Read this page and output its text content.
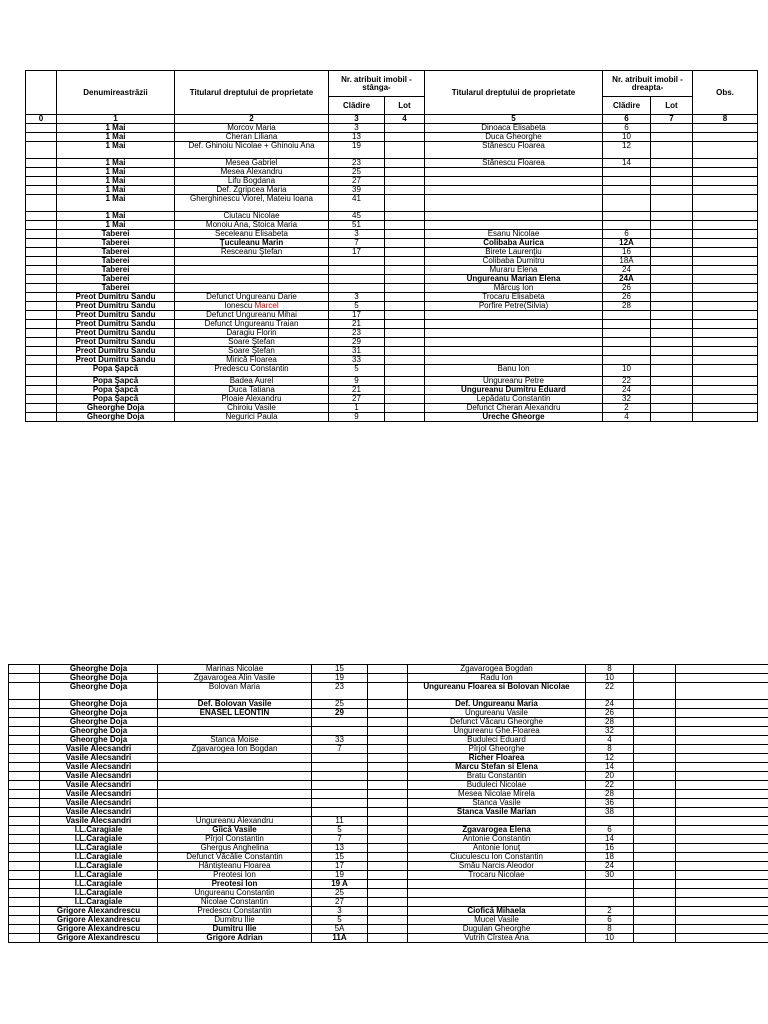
	Denumireastrăzii	Titularul dreptului de proprietate	Nr. atribuit imobil -stânga-		Titularul dreptului de proprietate	Nr. atribuit imobil -dreapta-		Obs.
			Clădire	Lot		Clădire	Lot	
0	1	2	3	4	5	6	7	8
	1 Mai	Morcov Maria	3		Dinoaca Elisabeta	6		
	1 Mai	Cheran Liliana	13		Duca Gheorghe	10		
	1 Mai	Def. Ghinoiu Nicolae + Ghinoiu Ana	19		Stănescu Floarea	12		
	1 Mai	Mesea Gabriel	23		Stănescu Floarea	14		
	1 Mai	Mesea Alexandru	25					
	1 Mai	Lifu Bogdana	27					
	1 Mai	Def. Zgripcea Maria	39					
	1 Mai	Gherghinescu Viorel, Mateiu Ioana	41					
	1 Mai	Ciutacu Nicolae	45					
	1 Mai	Monoiu Ana, Stoica Maria	51					
	Taberei	Seceleanu Elisabeta	3		Esanu Nicolae	6		
	Taberei	Ţuculeanu Marin	7		Colibaba Aurica	12A		
	Taberei	Resceanu Ştefan	17		Birete Laurenţiu	16		
	Taberei				Colibaba Dumitru	18A		
	Taberei				Muraru Elena	24		
	Taberei				Ungureanu Marian Elena	24A		
	Taberei				Mârcuş Ion	26		
	Preot Dumitru Sandu	Defunct Ungureanu Darie	3		Trocaru Elisabeta	26		
	Preot Dumitru Sandu	Ionescu Marcel	5		Porfire Petre(Silvia)	28		
	Preot Dumitru Sandu	Defunct Ungureanu Mihai	17					
	Preot Dumitru Sandu	Defunct Ungureanu Traian	21					
	Preot Dumitru Sandu	Daragiu Florin	23					
	Preot Dumitru Sandu	Soare Ştefan	29					
	Preot Dumitru Sandu	Soare Ştefan	31					
	Preot Dumitru Sandu	Mirică Floarea	33					
	Popa Şapcă	Predescu Constantin	5		Banu Ion	10		
	Popa Şapcă	Badea Aurel	9		Ungureanu Petre	22		
	Popa Şapcă	Duca Tatiana	21		Ungureanu Dumitru Eduard	24		
	Popa Şapcă	Ploaie Alexandru	27		Lepădatu Constantin	32		
	Gheorghe Doja	Chiroiu Vasile	1		Defunct Cheran Alexandru	2		
	Gheorghe Doja	Negurici Paula	9		Ureche Gheorge	4		
	Gheorghe Doja	Marinas Nicolae	15		Zgavarogea Bogdan	8		
	Gheorghe Doja	Zgavarogea Alin Vasile	19		Radu Ion	10		
	Gheorghe Doja	Bolovan Maria	23		Ungureanu Floarea si Bolovan Nicolae	22		
	Gheorghe Doja	Def. Bolovan Vasile	25		Def. Ungureanu Maria	24		
	Gheorghe Doja	ENASEL LEONTIN	29		Ungureanu Vasile	26		
	Gheorghe Doja				Defunct Văcaru Gheorghe	28		
	Gheorghe Doja				Ungureanu Ghe.Floarea	32		
	Gheorghe Doja	Stanca Moise	33		Buduleci Eduard	4		
	Vasile Alecsandri	Zgavarogea Ion Bogdan	7		Pîrjol Gheorghe	8		
	Vasile Alecsandri				Richer Floarea	12		
	Vasile Alecsandri				Marcu Stefan si Elena	14		
	Vasile Alecsandri				Bratu Constantin	20		
	Vasile Alecsandri				Buduleci Nicolae	22		
	Vasile Alecsandri				Mesea Nicolae Mirela	28		
	Vasile Alecsandri				Stanca Vasile	36		
	Vasile Alecsandri				Stanca Vasile Marian	38		
	Vasile Alecsandri	Ungureanu Alexandru	11					
	I.L.Caragiale	Gîică Vasile	5		Zgavarogea Elena	6		
	I.L.Caragiale	Pîrjol Constantin	7		Antonie Constantin	14		
	I.L.Caragiale	Ghergus Anghelina	13		Antonie Ionuţ	16		
	I.L.Caragiale	Defunct Văcălie Constantin	15		Ciuculescu Ion Constantin	18		
	I.L.Caragiale	Hântişteanu Floarea	17		Smău Narcis Aleodor	24		
	I.L.Caragiale	Preotesi Ion	19		Trocaru Nicolae	30		
	I.L.Caragiale	Preotesi Ion	19 A					
	I.L.Caragiale	Ungureanu Constantin	25					
	I.L.Caragiale	Nicolae Constantin	27					
	Grigore Alexandrescu	Predescu Constantin	3		Ciofică Mihaela	2		
	Grigore Alexandrescu	Dumitru Ilie	5		Mucel Vasile	6		
	Grigore Alexandrescu	Dumitru Ilie	5A		Dugulan Gheorghe	8		
	Grigore Alexandrescu	Grigore Adrian	11A		Vutrih Cîrstea Ana	10		
